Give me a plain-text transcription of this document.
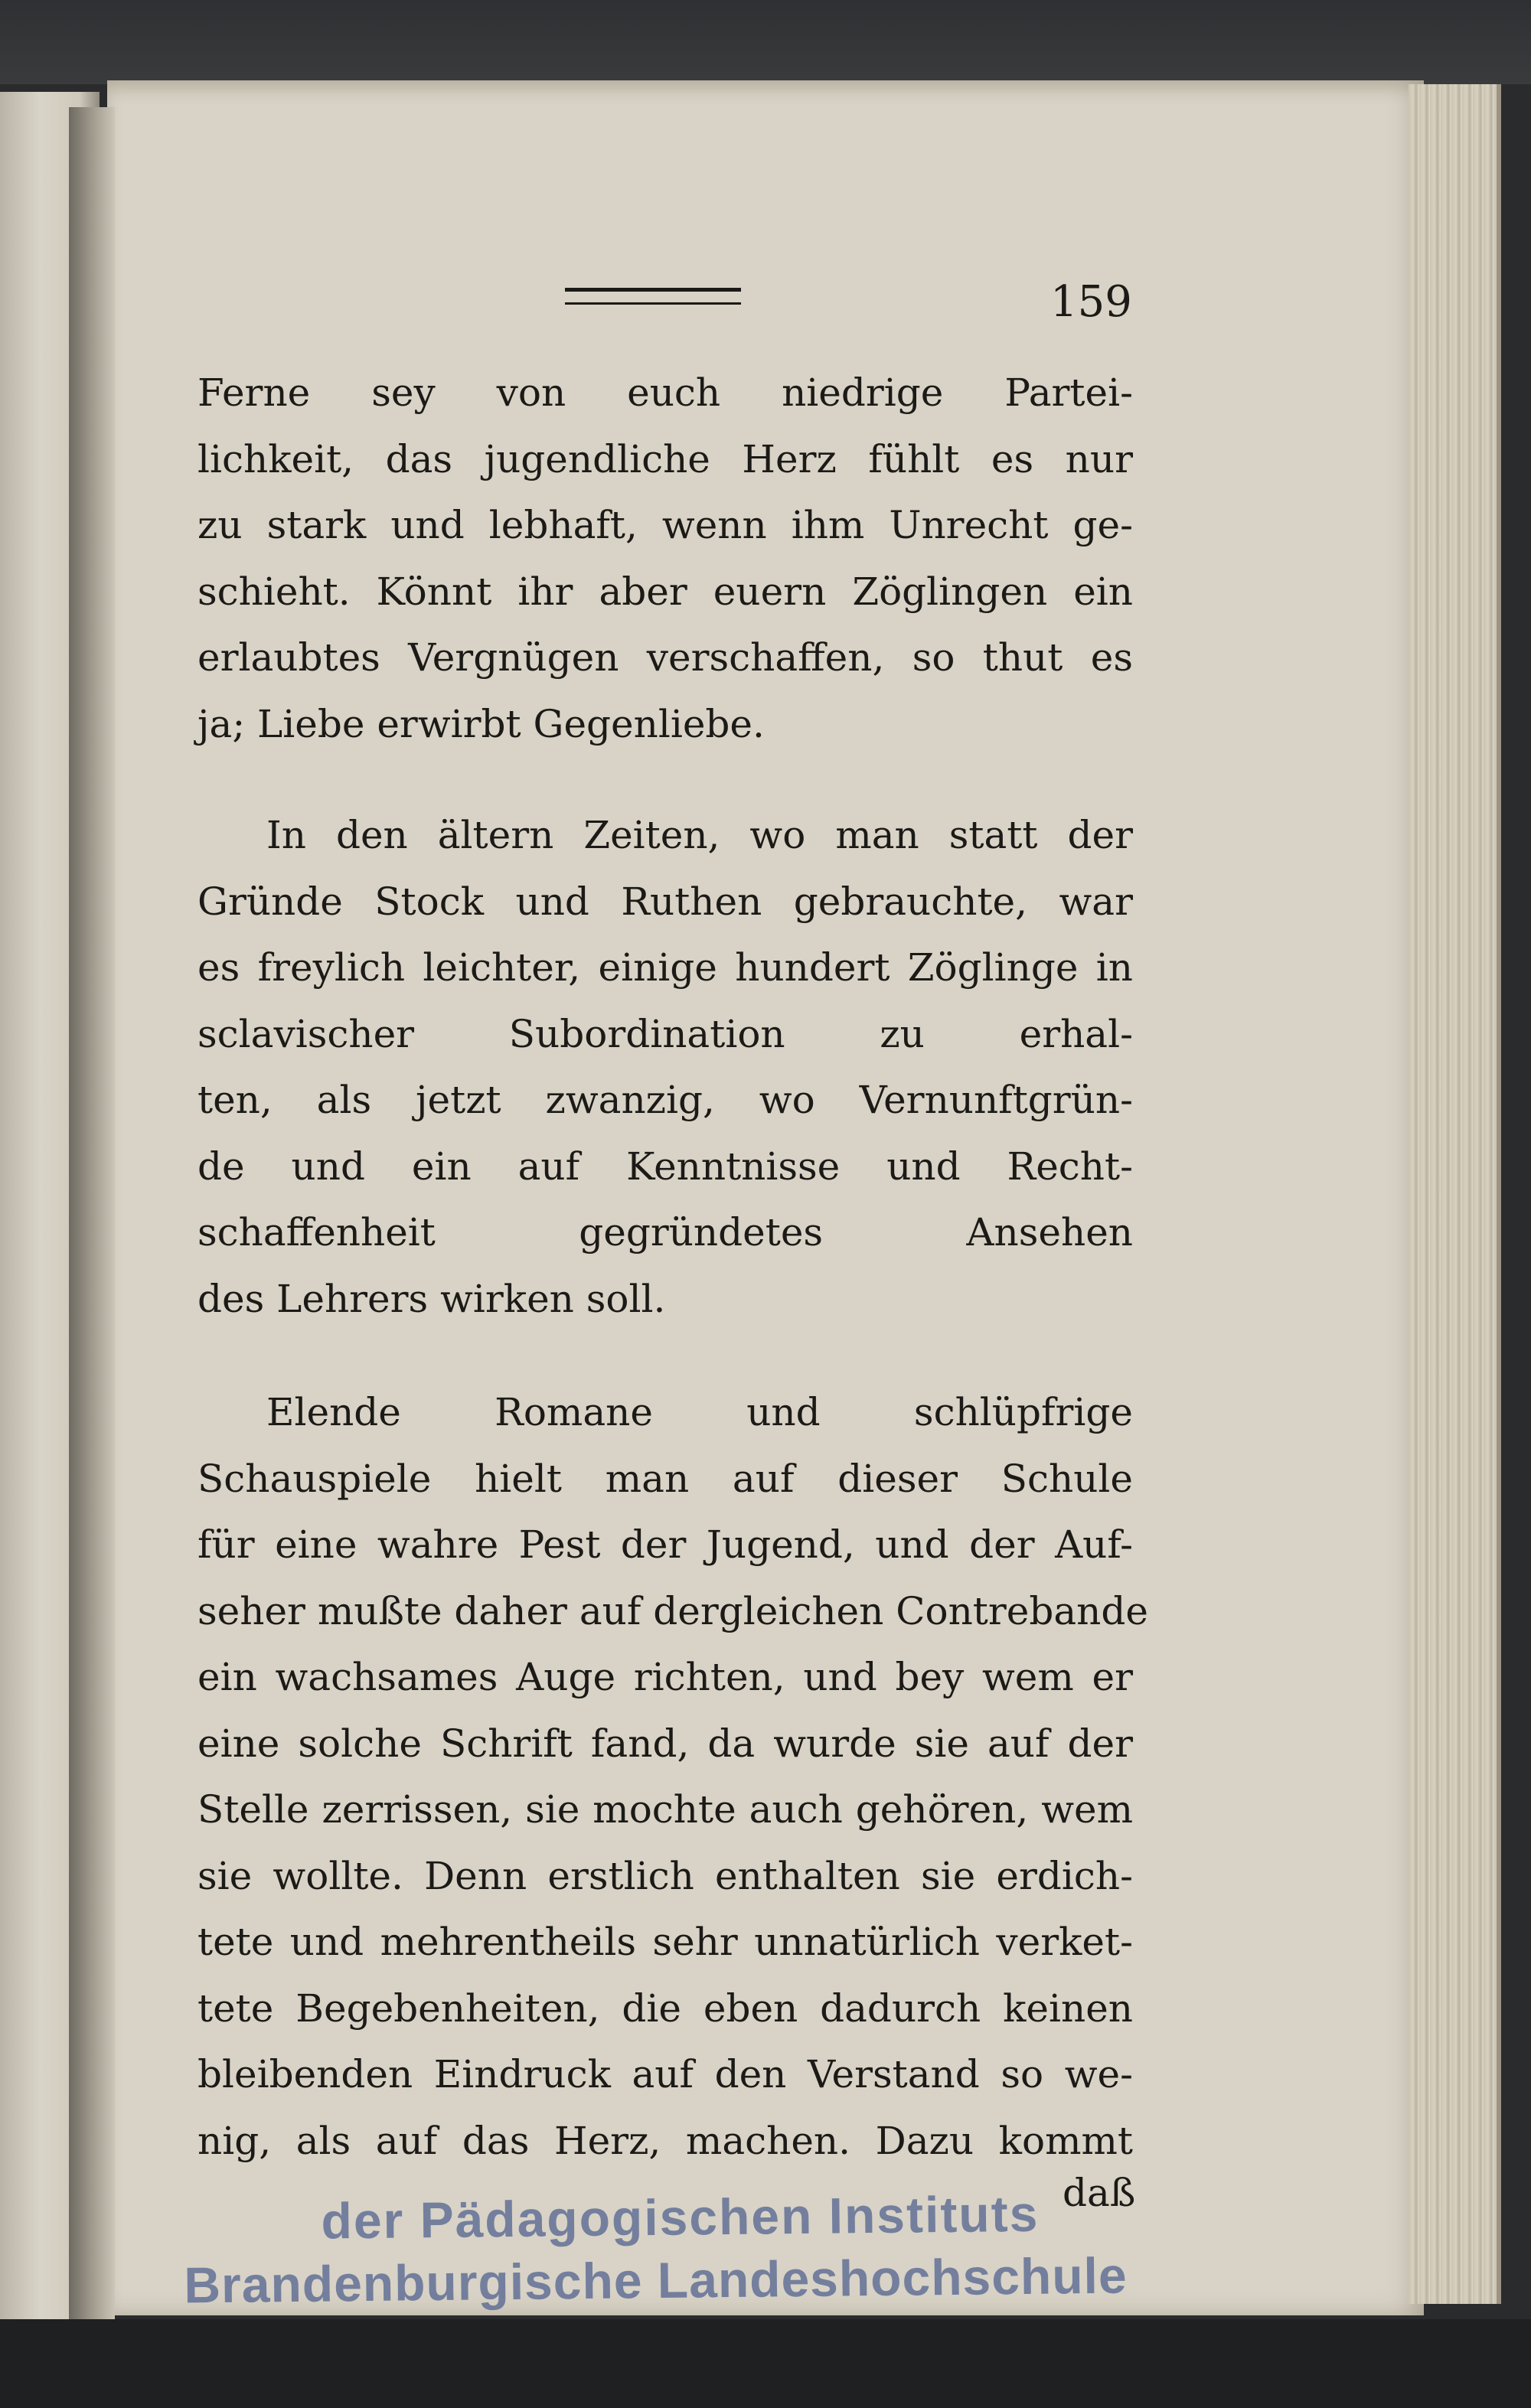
159
Ferne sey von euch niedrige Partei-
lichkeit, das jugendliche Herz fühlt es nur
zu stark und lebhaft, wenn ihm Unrecht ge-
schieht. Könnt ihr aber euern Zöglingen ein
erlaubtes Vergnügen verschaffen, so thut es
ja; Liebe erwirbt Gegenliebe.
In den ältern Zeiten, wo man statt der
Gründe Stock und Ruthen gebrauchte, war
es freylich leichter, einige hundert Zöglinge in
sclavischer Subordination zu erhal-
ten, als jetzt zwanzig, wo Vernunftgrün-
de und ein auf Kenntnisse und Recht-
schaffenheit gegründetes Ansehen
des Lehrers wirken soll.
Elende Romane und schlüpfrige
Schauspiele hielt man auf dieser Schule
für eine wahre Pest der Jugend, und der Auf-
seher mußte daher auf dergleichen Contrebande
ein wachsames Auge richten, und bey wem er
eine solche Schrift fand, da wurde sie auf der
Stelle zerrissen, sie mochte auch gehören, wem
sie wollte. Denn erstlich enthalten sie erdich-
tete und mehrentheils sehr unnatürlich verket-
tete Begebenheiten, die eben dadurch keinen
bleibenden Eindruck auf den Verstand so we-
nig, als auf das Herz, machen. Dazu kommt
daß
der Pädagogischen Instituts
Brandenburgische Landeshochschule
